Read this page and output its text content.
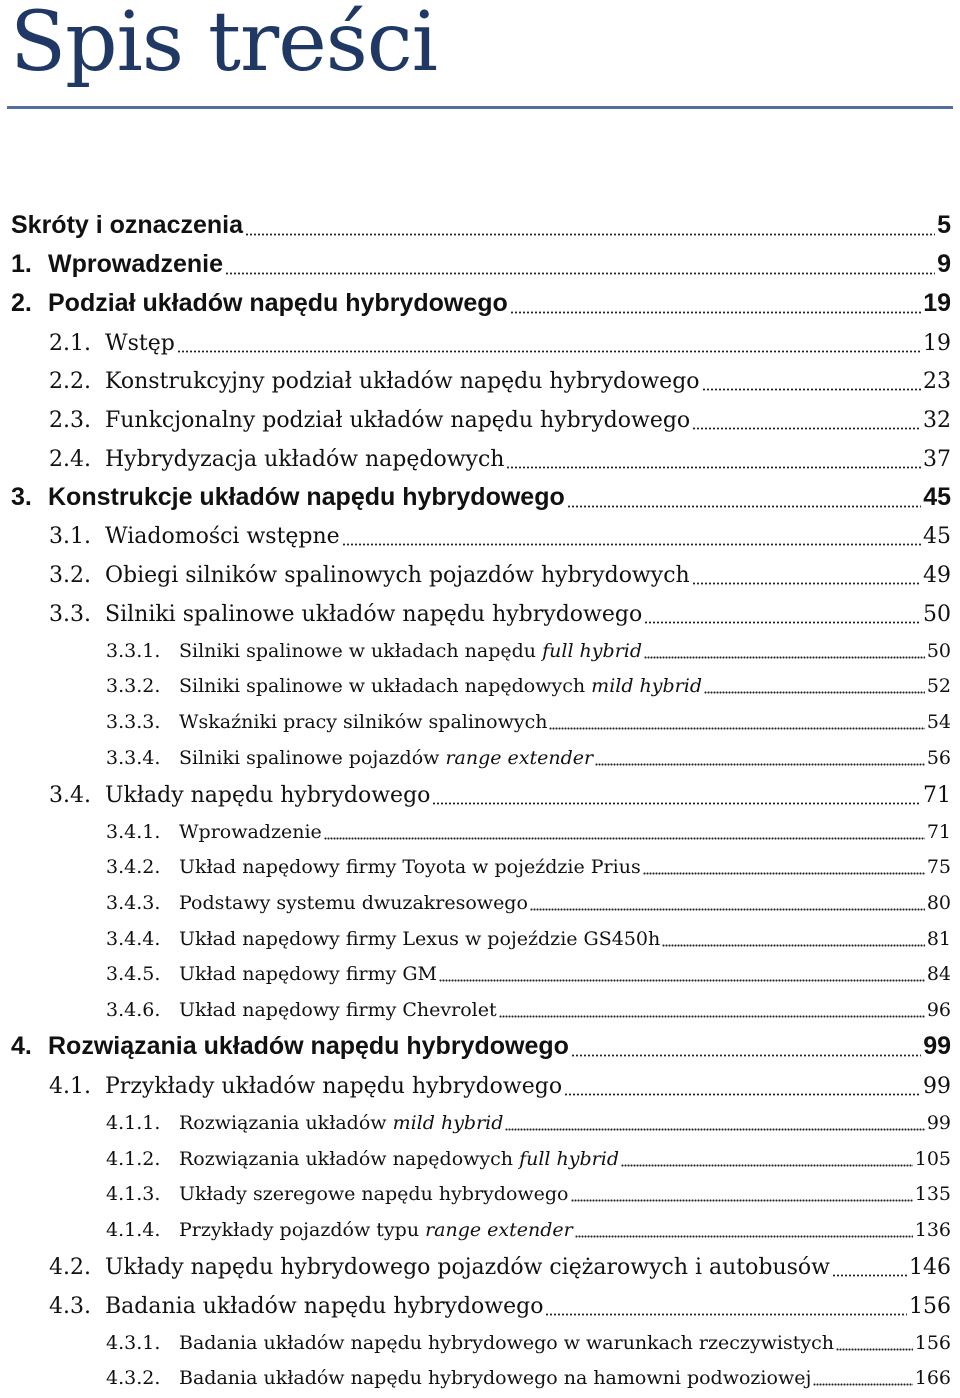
Spis treści
Skróty i oznaczenia	5
1. Wprowadzenie	9
2. Podział układów napędu hybrydowego	19
2.1. Wstęp	19
2.2. Konstrukcyjny podział układów napędu hybrydowego	23
2.3. Funkcjonalny podział układów napędu hybrydowego	32
2.4. Hybrydyzacja układów napędowych	37
3. Konstrukcje układów napędu hybrydowego	45
3.1. Wiadomości wstępne	45
3.2. Obiegi silników spalinowych pojazdów hybrydowych	49
3.3. Silniki spalinowe układów napędu hybrydowego	50
3.3.1. Silniki spalinowe w układach napędu full hybrid	50
3.3.2. Silniki spalinowe w układach napędowych mild hybrid	52
3.3.3. Wskaźniki pracy silników spalinowych	54
3.3.4. Silniki spalinowe pojazdów range extender	56
3.4. Układy napędu hybrydowego	71
3.4.1. Wprowadzenie	71
3.4.2. Układ napędowy firmy Toyota w pojeździe Prius	75
3.4.3. Podstawy systemu dwuzakresowego	80
3.4.4. Układ napędowy firmy Lexus w pojeździe GS450h	81
3.4.5. Układ napędowy firmy GM	84
3.4.6. Układ napędowy firmy Chevrolet	96
4. Rozwiązania układów napędu hybrydowego	99
4.1. Przykłady układów napędu hybrydowego	99
4.1.1. Rozwiązania układów mild hybrid	99
4.1.2. Rozwiązania układów napędowych full hybrid	105
4.1.3. Układy szeregowe napędu hybrydowego	135
4.1.4. Przykłady pojazdów typu range extender	136
4.2. Układy napędu hybrydowego pojazdów ciężarowych i autobusów	146
4.3. Badania układów napędu hybrydowego	156
4.3.1. Badania układów napędu hybrydowego w warunkach rzeczywistych	156
4.3.2. Badania układów napędu hybrydowego na hamowni podwoziowej	166
